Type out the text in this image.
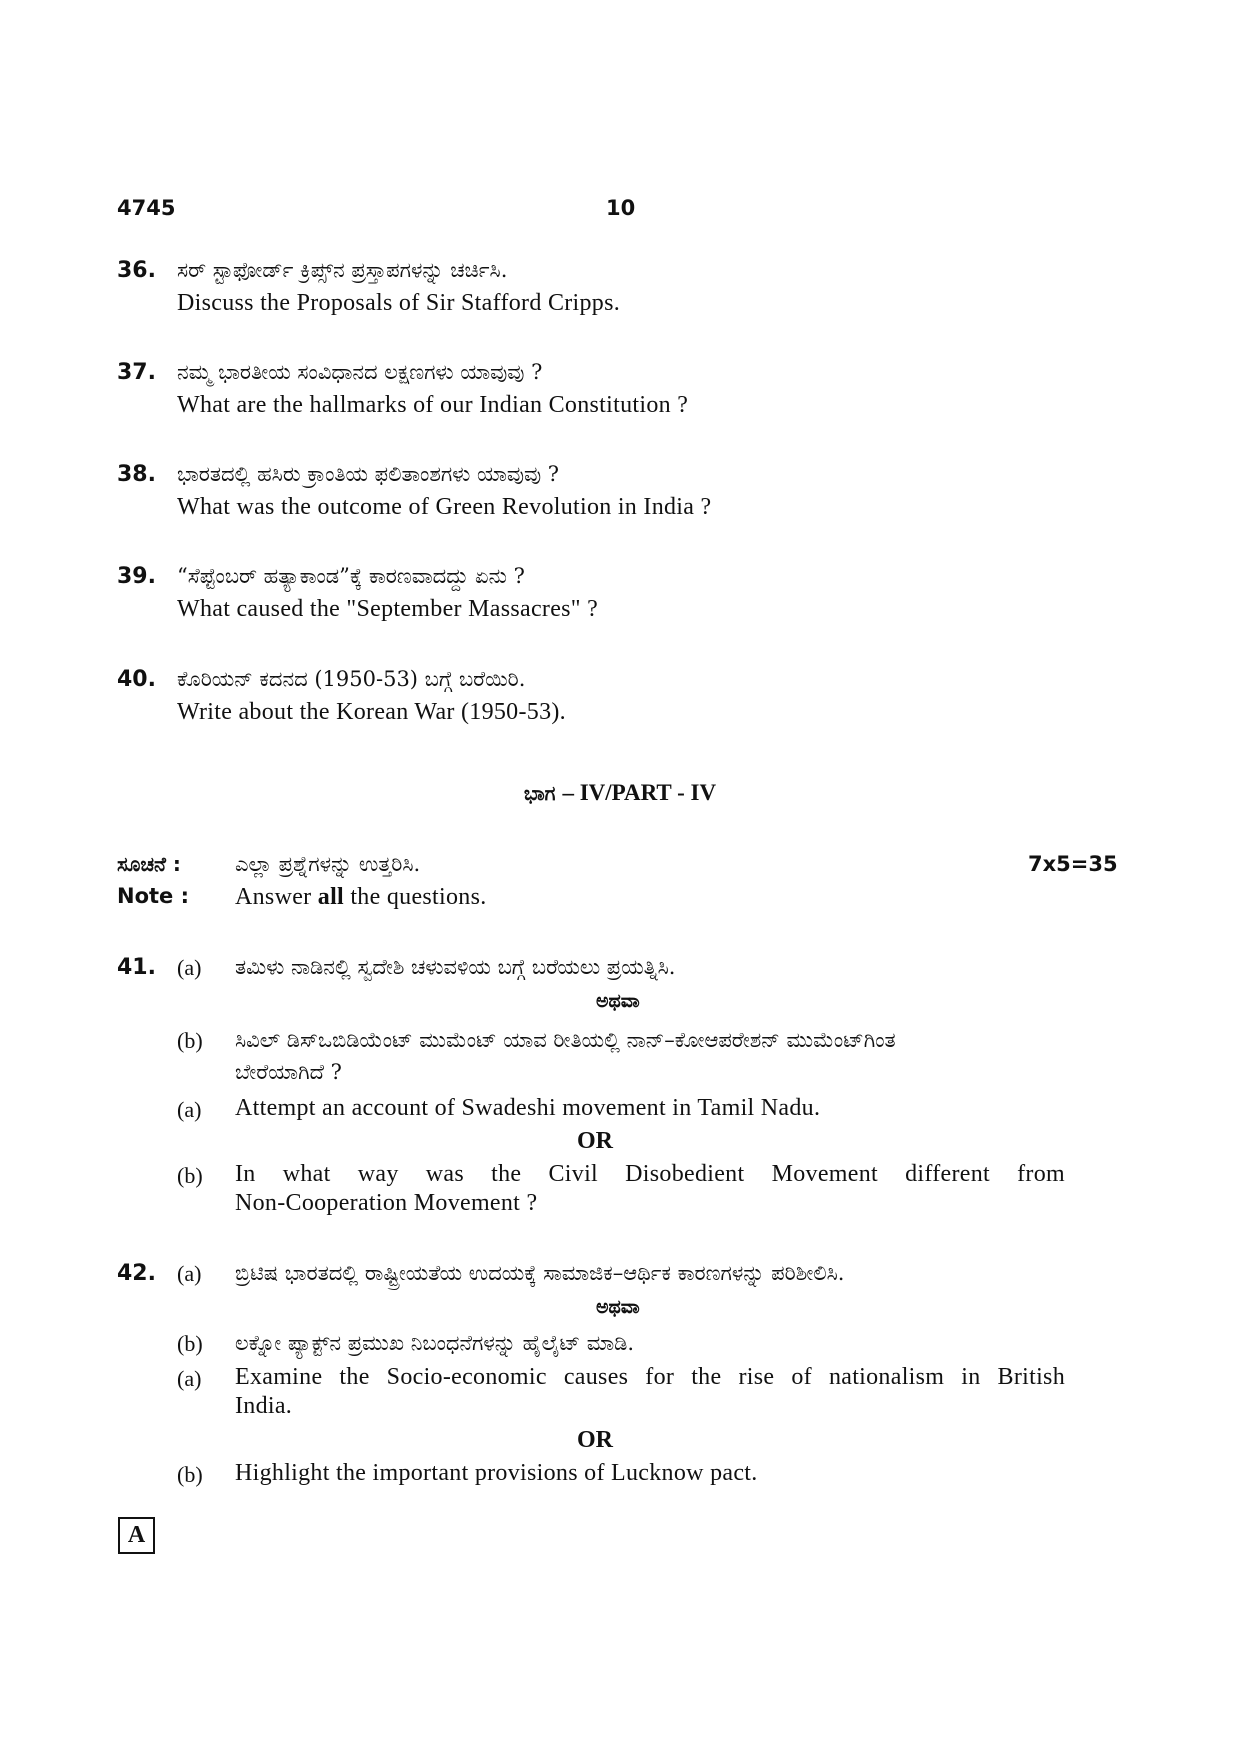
4745	10
36. ಸರ್ ಸ್ಟಾಫೋರ್ಡ್ ಕ್ರಿಪ್ಸ್‌ನ ಪ್ರಸ್ತಾಪಗಳನ್ನು ಚರ್ಚಿಸಿ.
Discuss the Proposals of Sir Stafford Cripps.
37. ನಮ್ಮ ಭಾರತೀಯ ಸಂವಿಧಾನದ ಲಕ್ಷಣಗಳು ಯಾವುವು ?
What are the hallmarks of our Indian Constitution ?
38. ಭಾರತದಲ್ಲಿ ಹಸಿರು ಕ್ರಾಂತಿಯ ಫಲಿತಾಂಶಗಳು ಯಾವುವು ?
What was the outcome of Green Revolution in India ?
39. “ಸೆಪ್ಟೆಂಬರ್ ಹತ್ಯಾಕಾಂಡ”ಕ್ಕೆ ಕಾರಣವಾದದ್ದು ಏನು ?
What caused the "September Massacres" ?
40. ಕೊರಿಯನ್ ಕದನದ (1950-53) ಬಗ್ಗೆ ಬರೆಯಿರಿ.
Write about the Korean War (1950-53).
ಭಾಗ – IV/PART - IV
ಸೂಚನೆ :	ಎಲ್ಲಾ ಪ್ರಶ್ನೆಗಳನ್ನು ಉತ್ತರಿಸಿ.	7x5=35
Note : Answer all the questions.
41. (a) ತಮಿಳು ನಾಡಿನಲ್ಲಿ ಸ್ವದೇಶಿ ಚಳುವಳಿಯ ಬಗ್ಗೆ ಬರೆಯಲು ಪ್ರಯತ್ನಿಸಿ.
ಅಥವಾ
(b) ಸಿವಿಲ್ ಡಿಸ್‌ಒಬಿಡಿಯೆಂಟ್ ಮುಮೆಂಟ್ ಯಾವ ರೀತಿಯಲ್ಲಿ ನಾನ್–ಕೋಆಪರೇಶನ್ ಮುಮೆಂಟ್‌ಗಿಂತ
ಬೇರೆಯಾಗಿದೆ ?
(a) Attempt an account of Swadeshi movement in Tamil Nadu.
OR
(b) In what way was the Civil Disobedient Movement different from
Non-Cooperation Movement ?
42. (a) ಬ್ರಿಟಿಷ ಭಾರತದಲ್ಲಿ ರಾಷ್ಟ್ರೀಯತೆಯ ಉದಯಕ್ಕೆ ಸಾಮಾಜಿಕ–ಆರ್ಥಿಕ ಕಾರಣಗಳನ್ನು ಪರಿಶೀಲಿಸಿ.
ಅಥವಾ
(b) ಲಕ್ನೋ ಪ್ಯಾಕ್ಟ್‌ನ ಪ್ರಮುಖ ನಿಬಂಧನೆಗಳನ್ನು ಹೈಲೈಟ್ ಮಾಡಿ.
(a) Examine the Socio-economic causes for the rise of nationalism in British
India.
OR
(b) Highlight the important provisions of Lucknow pact.
A
